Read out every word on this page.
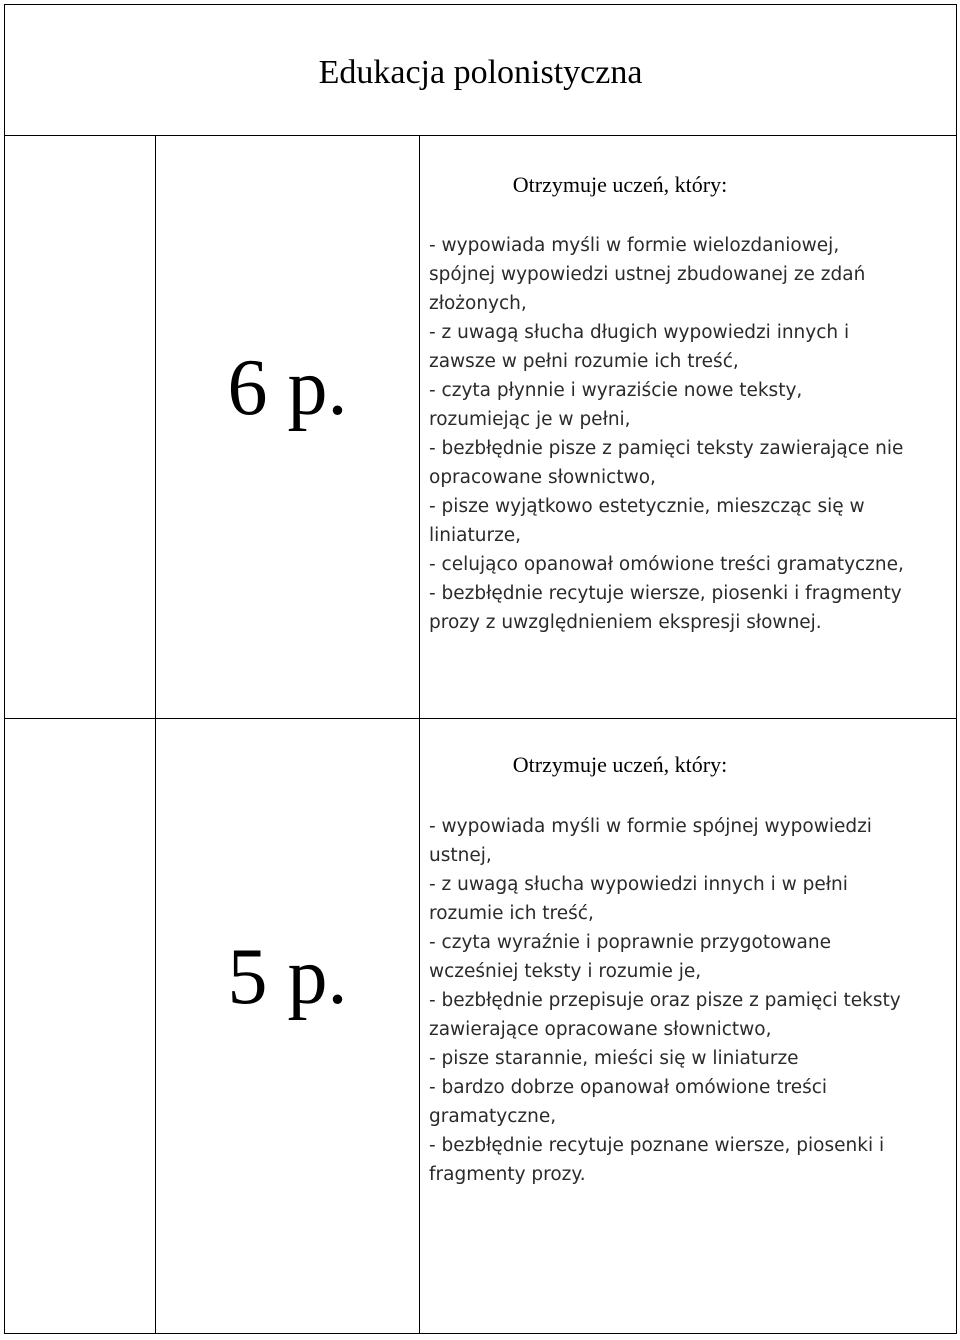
Edukacja polonistyczna
6 p.
Otrzymuje uczeń, który:
- wypowiada myśli w formie wielozdaniowej,
spójnej wypowiedzi ustnej zbudowanej ze zdań
złożonych,
- z uwagą słucha długich wypowiedzi innych i
zawsze w pełni rozumie ich treść,
- czyta płynnie i wyraziście nowe teksty,
rozumiejąc je w pełni,
- bezbłędnie pisze z pamięci teksty zawierające nie
opracowane słownictwo,
- pisze wyjątkowo estetycznie, mieszcząc się w
liniaturze,
- celująco opanował omówione treści gramatyczne,
- bezbłędnie recytuje wiersze, piosenki i fragmenty
prozy z uwzględnieniem ekspresji słownej.
5 p.
Otrzymuje uczeń, który:
- wypowiada myśli w formie spójnej wypowiedzi
ustnej,
- z uwagą słucha wypowiedzi innych i w pełni
rozumie ich treść,
- czyta wyraźnie i poprawnie przygotowane
wcześniej teksty i rozumie je,
- bezbłędnie przepisuje oraz pisze z pamięci teksty
zawierające opracowane słownictwo,
- pisze starannie, mieści się w liniaturze
- bardzo dobrze opanował omówione treści
gramatyczne,
- bezbłędnie recytuje poznane wiersze, piosenki i
fragmenty prozy.
